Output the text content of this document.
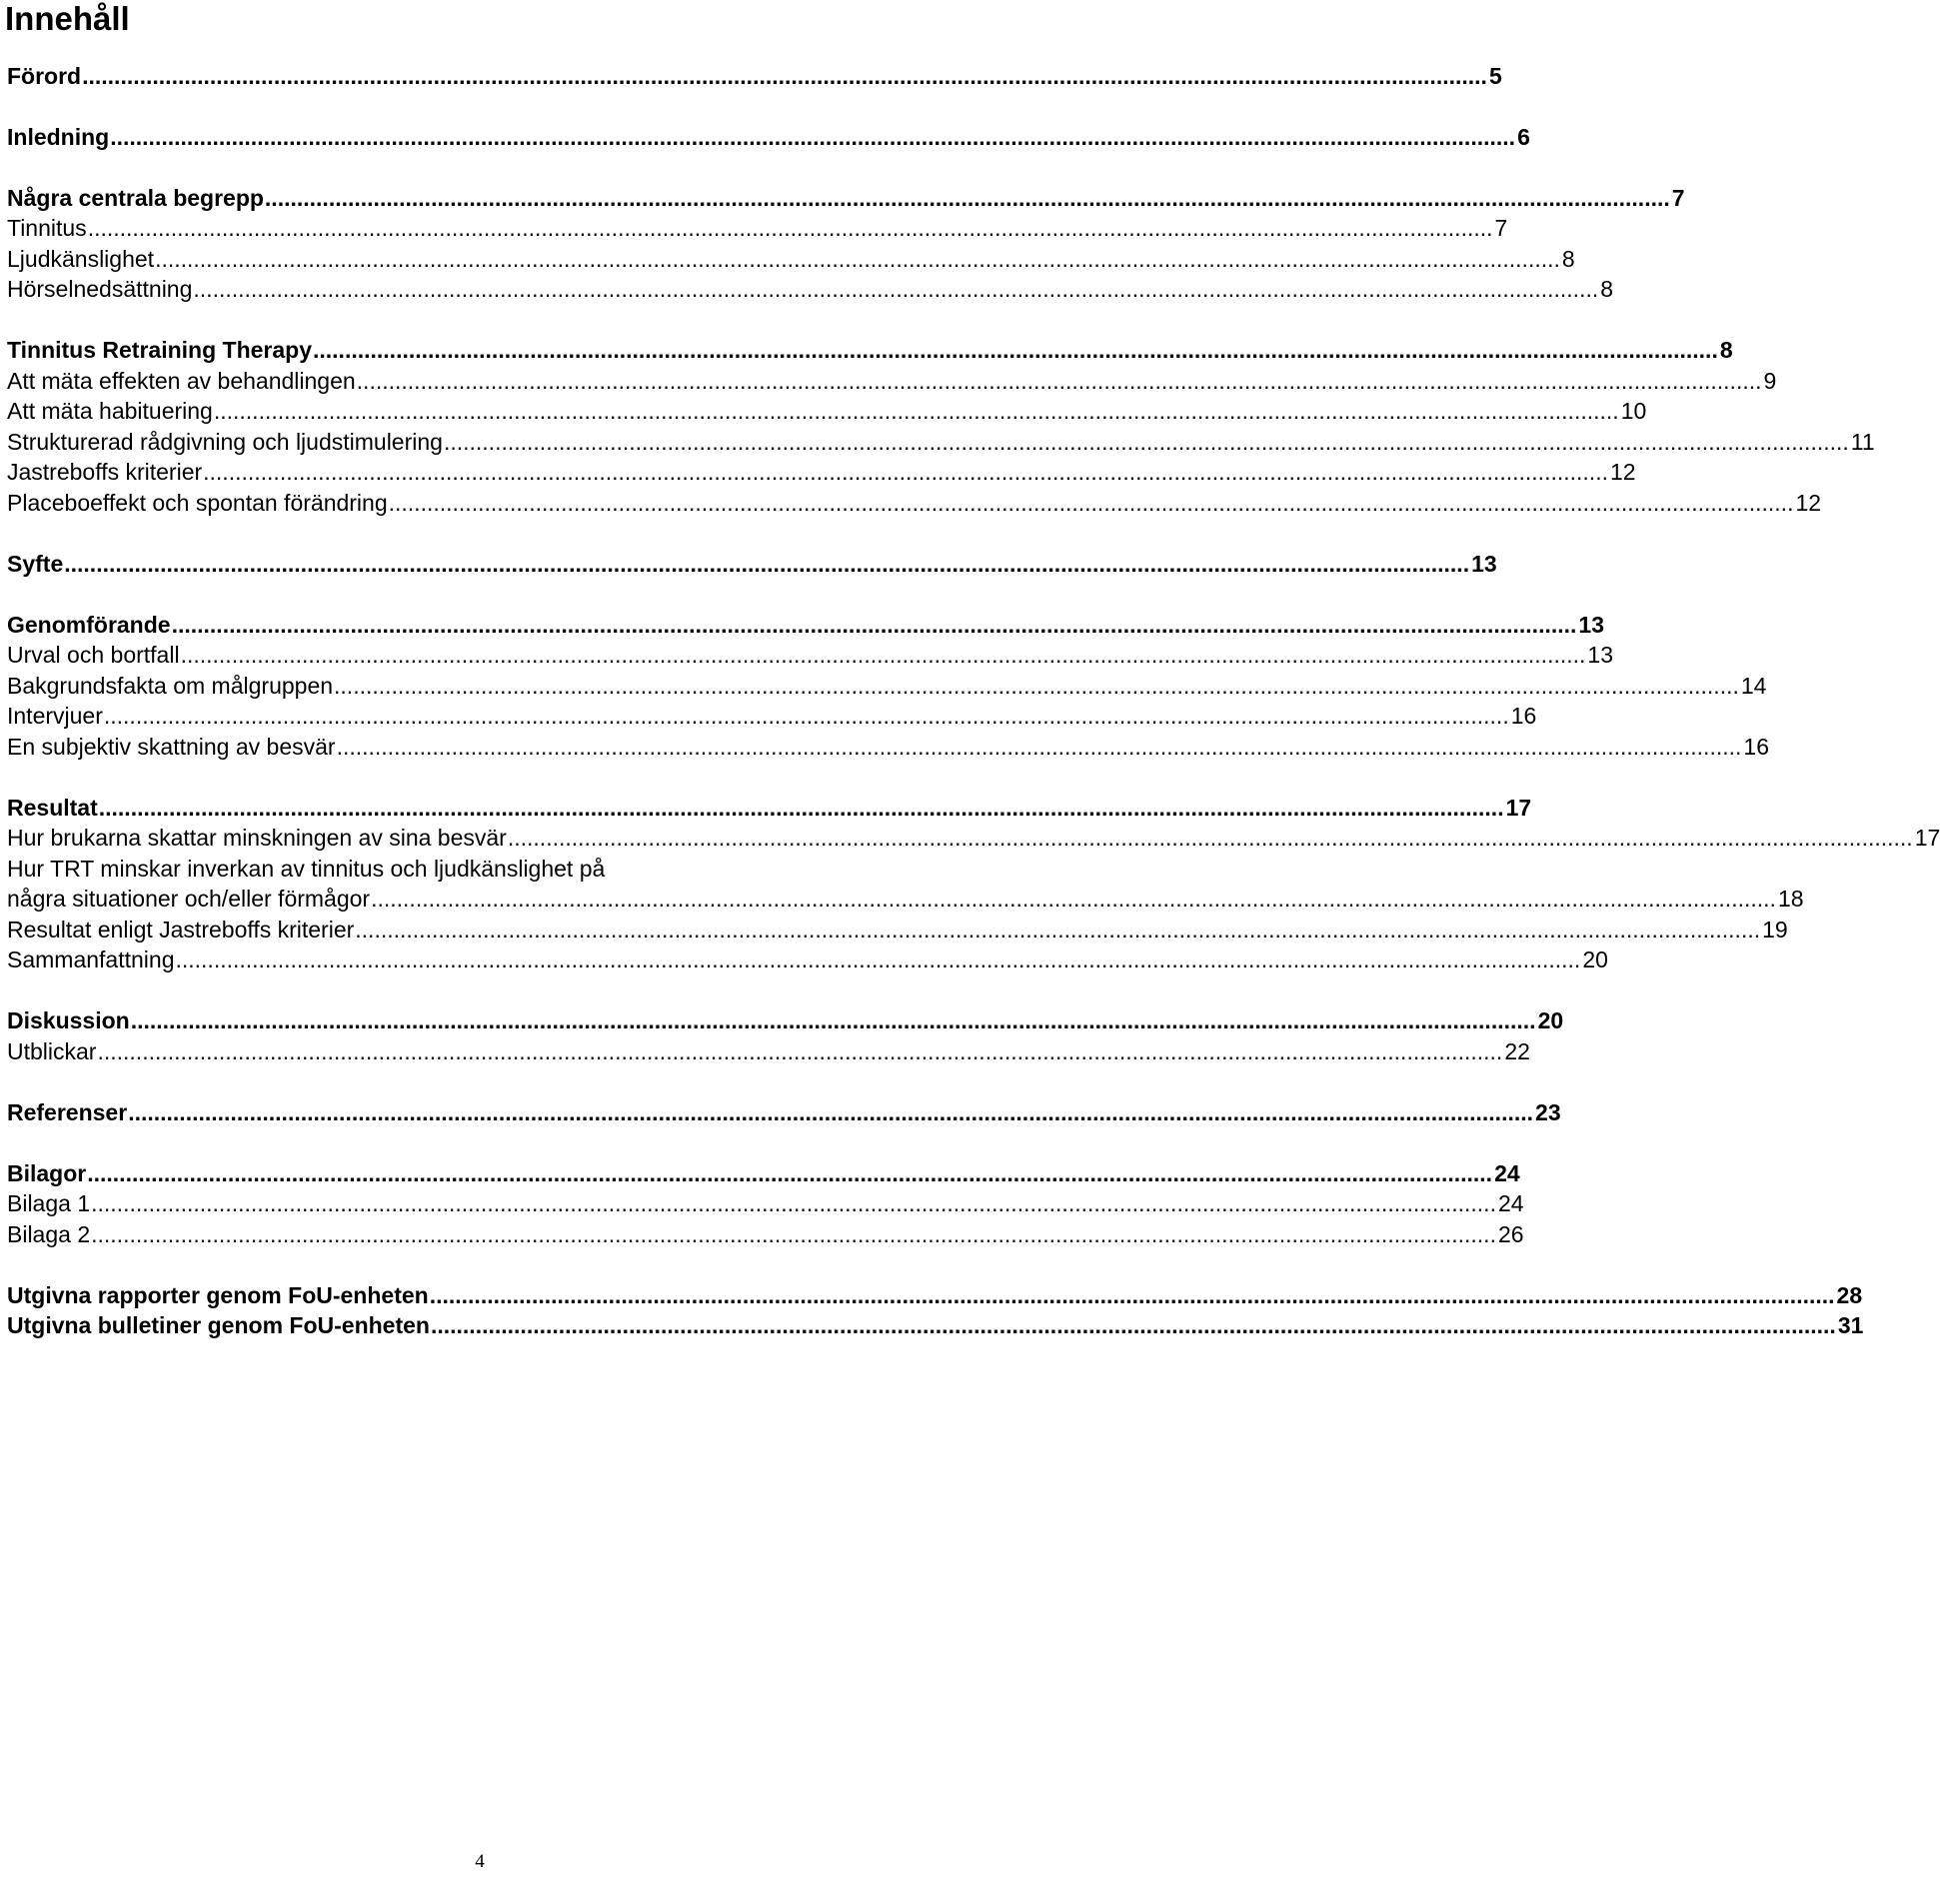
Innehåll
Förord ............................................................................................................................................................................................................................ 5
Inledning ............................................................................................................................................................................................................................ 6
Några centrala begrepp ............................................................................................................................................................................................................................ 7
Tinnitus ............................................................................................................................................................................................................................ 7
Ljudkänslighet ............................................................................................................................................................................................................................ 8
Hörselnedsättning ............................................................................................................................................................................................................................ 8
Tinnitus Retraining Therapy ............................................................................................................................................................................................................................ 8
Att mäta effekten av behandlingen ............................................................................................................................................................................................................................ 9
Att mäta habituering ............................................................................................................................................................................................................................ 10
Strukturerad rådgivning och ljudstimulering ............................................................................................................................................................................................................................ 11
Jastreboffs kriterier ............................................................................................................................................................................................................................ 12
Placeboeffekt och spontan förändring ............................................................................................................................................................................................................................ 12
Syfte ............................................................................................................................................................................................................................ 13
Genomförande ............................................................................................................................................................................................................................ 13
Urval och bortfall ............................................................................................................................................................................................................................ 13
Bakgrundsfakta om målgruppen ............................................................................................................................................................................................................................ 14
Intervjuer ............................................................................................................................................................................................................................ 16
En subjektiv skattning av besvär ............................................................................................................................................................................................................................ 16
Resultat ............................................................................................................................................................................................................................ 17
Hur brukarna skattar minskningen av sina besvär ............................................................................................................................................................................................................................ 17
Hur TRT minskar inverkan av tinnitus och ljudkänslighet på
några situationer och/eller förmågor ............................................................................................................................................................................................................................ 18
Resultat enligt Jastreboffs kriterier ............................................................................................................................................................................................................................ 19
Sammanfattning ............................................................................................................................................................................................................................ 20
Diskussion ............................................................................................................................................................................................................................ 20
Utblickar ............................................................................................................................................................................................................................ 22
Referenser ............................................................................................................................................................................................................................ 23
Bilagor ............................................................................................................................................................................................................................ 24
Bilaga 1 ............................................................................................................................................................................................................................ 24
Bilaga 2 ............................................................................................................................................................................................................................ 26
Utgivna rapporter genom FoU-enheten ............................................................................................................................................................................................................................ 28
Utgivna bulletiner genom FoU-enheten ............................................................................................................................................................................................................................ 31
4
